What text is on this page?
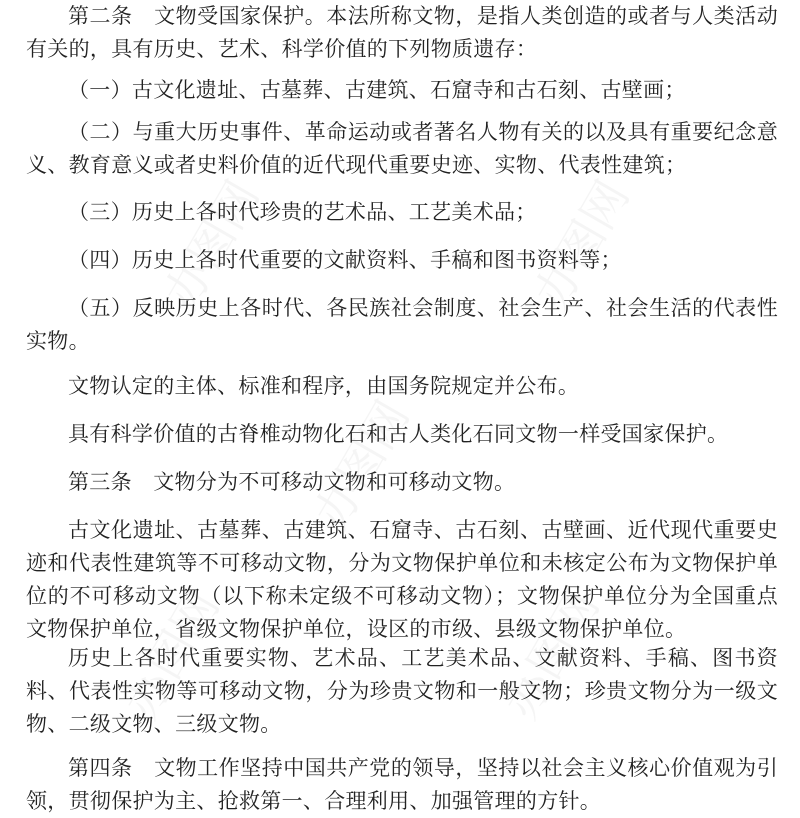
办图网	办图网
办图网
办图网	办图网

第二条　文物受国家保护。本法所称文物，是指人类创造的或者与人类活动有关的，具有历史、艺术、科学价值的下列物质遗存：

（一）古文化遗址、古墓葬、古建筑、石窟寺和古石刻、古壁画；

（二）与重大历史事件、革命运动或者著名人物有关的以及具有重要纪念意义、教育意义或者史料价值的近代现代重要史迹、实物、代表性建筑；

（三）历史上各时代珍贵的艺术品、工艺美术品；

（四）历史上各时代重要的文献资料、手稿和图书资料等；

（五）反映历史上各时代、各民族社会制度、社会生产、社会生活的代表性实物。

文物认定的主体、标准和程序，由国务院规定并公布。

具有科学价值的古脊椎动物化石和古人类化石同文物一样受国家保护。

第三条　文物分为不可移动文物和可移动文物。

古文化遗址、古墓葬、古建筑、石窟寺、古石刻、古壁画、近代现代重要史迹和代表性建筑等不可移动文物，分为文物保护单位和未核定公布为文物保护单位的不可移动文物（以下称未定级不可移动文物）；文物保护单位分为全国重点文物保护单位，省级文物保护单位，设区的市级、县级文物保护单位。

历史上各时代重要实物、艺术品、工艺美术品、文献资料、手稿、图书资料、代表性实物等可移动文物，分为珍贵文物和一般文物；珍贵文物分为一级文物、二级文物、三级文物。

第四条　文物工作坚持中国共产党的领导，坚持以社会主义核心价值观为引领，贯彻保护为主、抢救第一、合理利用、加强管理的方针。
